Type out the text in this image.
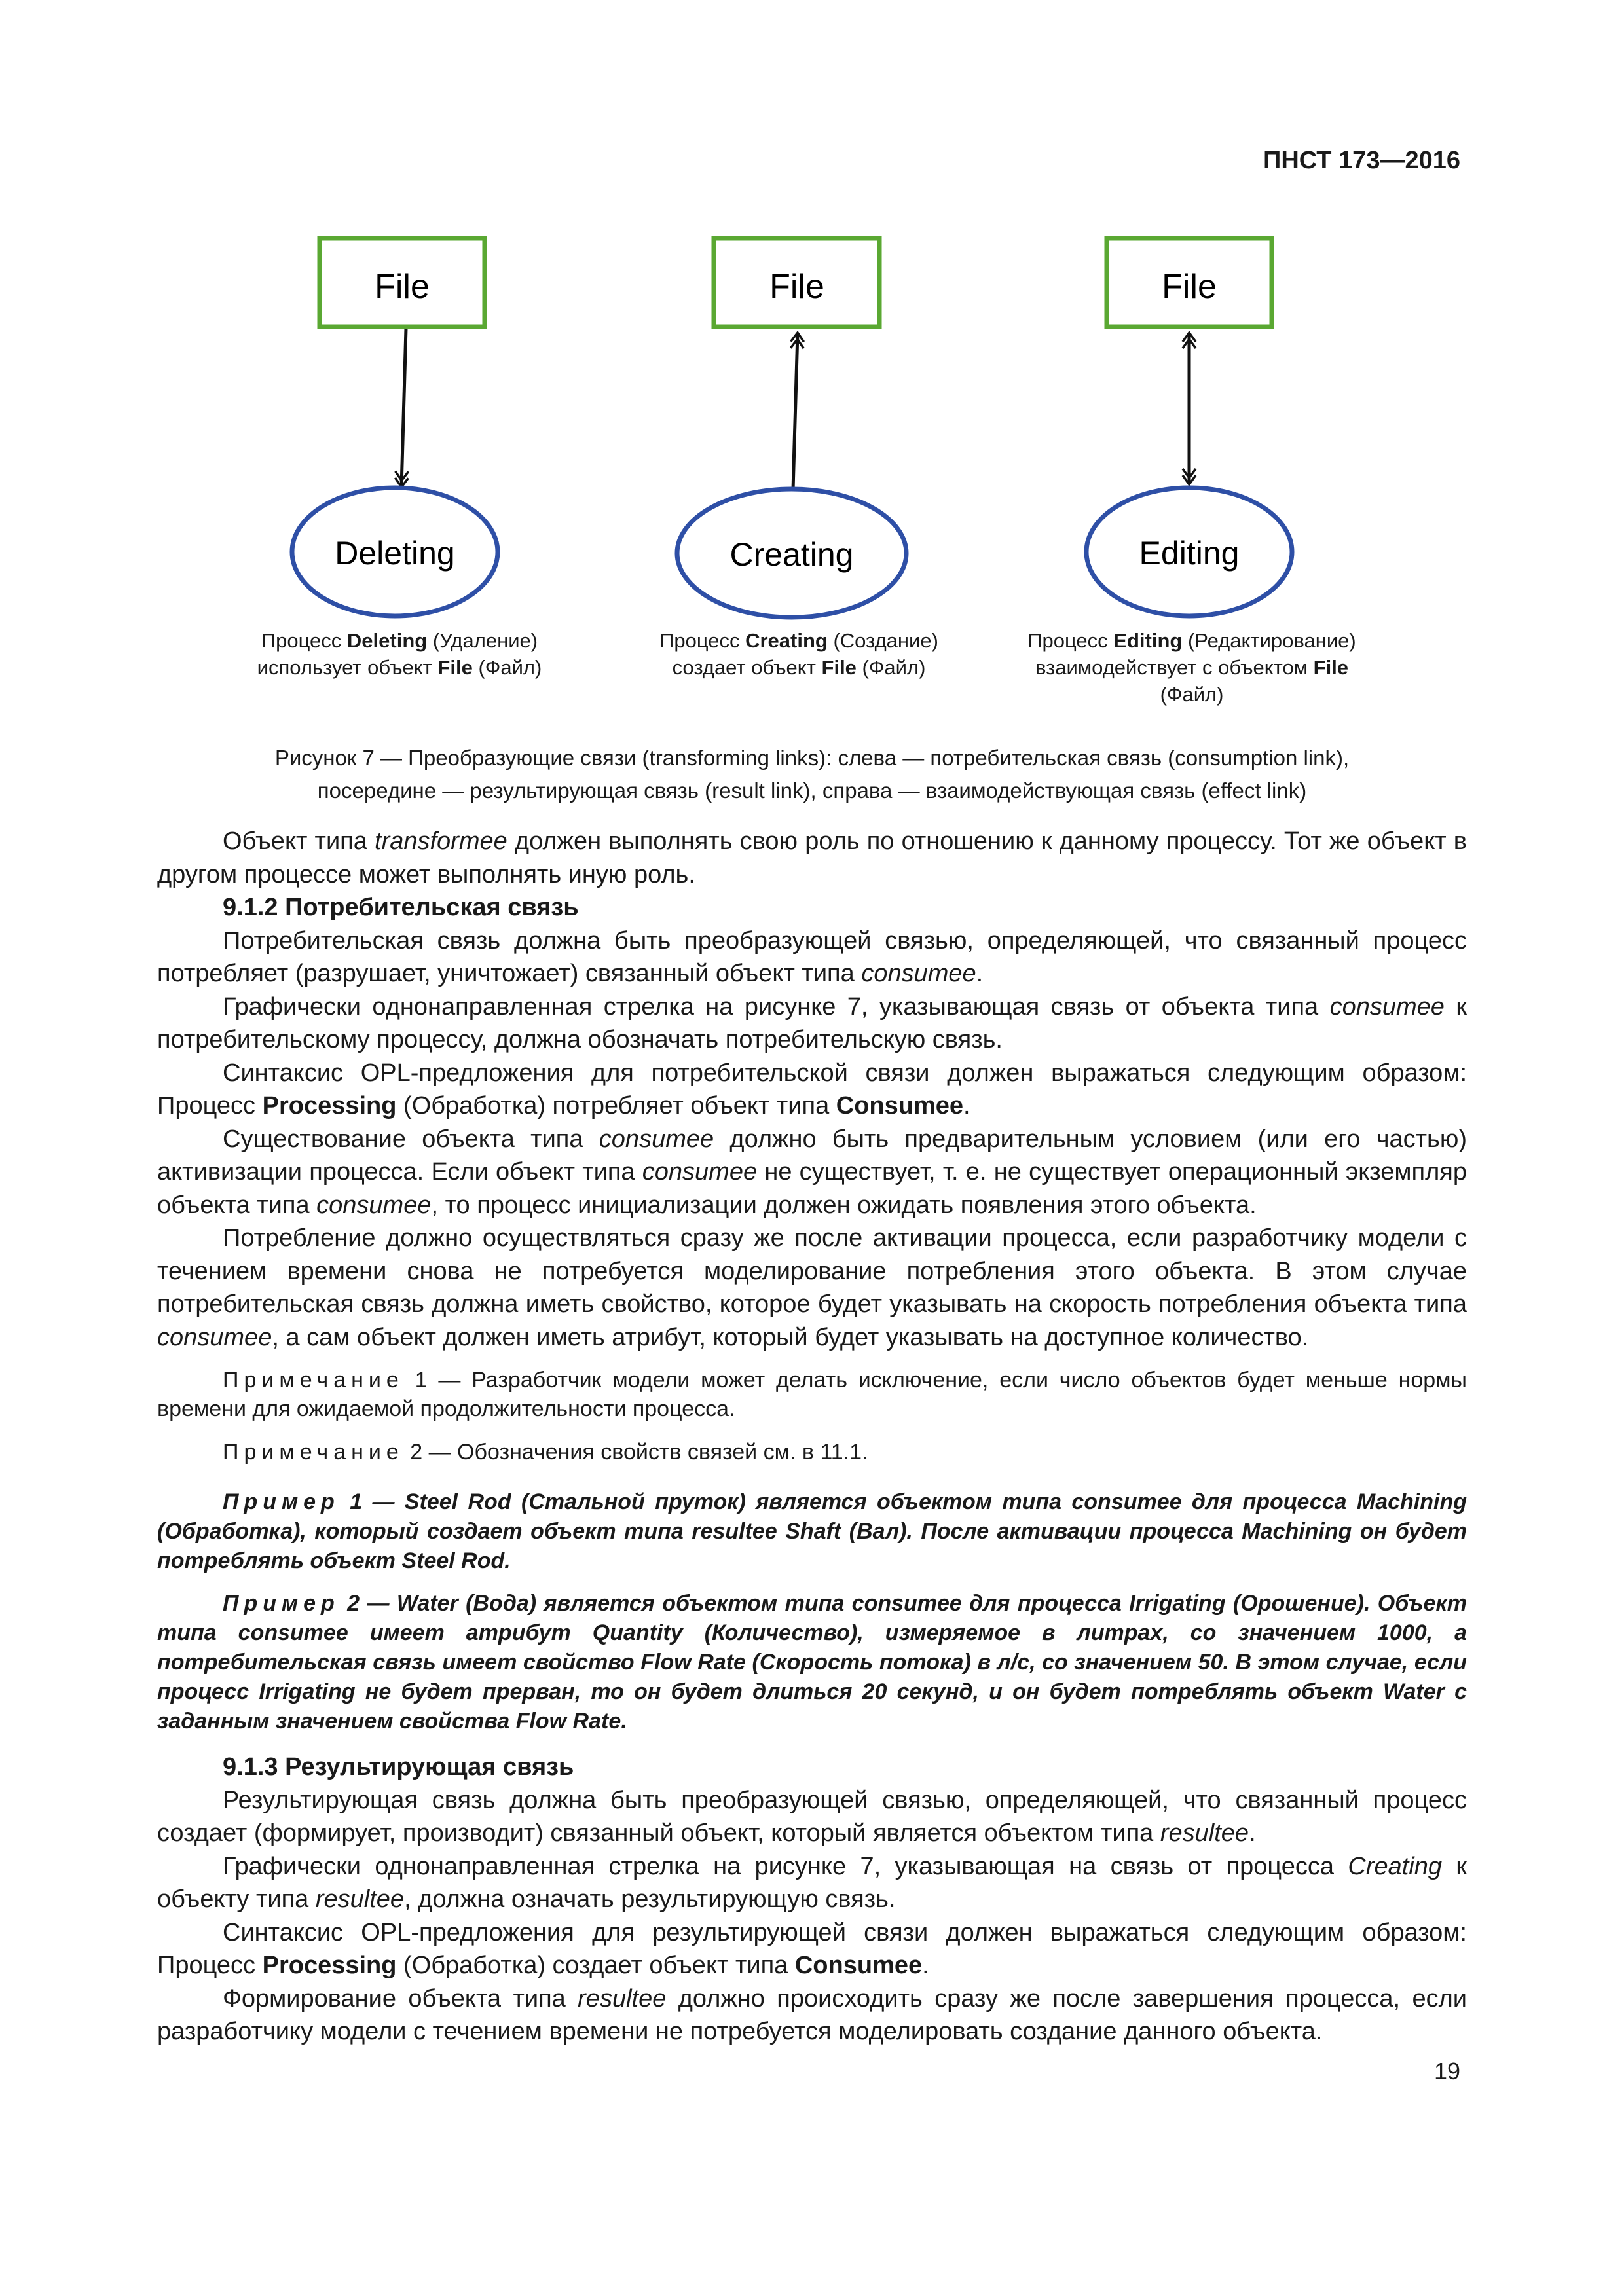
ПНСТ 173—2016
File
Deleting
File
Creating
File
Editing
Процесс Deleting (Удаление)
использует объект File (Файл)
Процесс Creating (Создание)
создает объект File (Файл)
Процесс Editing (Редактирование)
взаимодействует с объектом File
(Файл)
Рисунок 7 — Преобразующие связи (transforming links): слева — потребительская связь (consumption link),
посередине — результирующая связь (result link), справа — взаимодействующая связь (effect link)

Объект типа transformee должен выполнять свою роль по отношению к данному процессу. Тот же объект в другом процессе может выполнять иную роль.

9.1.2 Потребительская связь

Потребительская связь должна быть преобразующей связью, определяющей, что связанный процесс потребляет (разрушает, уничтожает) связанный объект типа consumee.

Графически однонаправленная стрелка на рисунке 7, указывающая связь от объекта типа consumee к потребительскому процессу, должна обозначать потребительскую связь.

Синтаксис OPL-предложения для потребительской связи должен выражаться следующим образом: Процесс Processing (Обработка) потребляет объект типа Consumee.

Существование объекта типа consumee должно быть предварительным условием (или его частью) активизации процесса. Если объект типа consumee не существует, т. е. не существует операционный экземпляр объекта типа consumee, то процесс инициализации должен ожидать появления этого объекта.

Потребление должно осуществляться сразу же после активации процесса, если разработчику модели с течением времени снова не потребуется моделирование потребления этого объекта. В этом случае потребительская связь должна иметь свойство, которое будет указывать на скорость потребления объекта типа consumee, а сам объект должен иметь атрибут, который будет указывать на доступное количество.

Примечание 1 — Разработчик модели может делать исключение, если число объектов будет меньше нормы времени для ожидаемой продолжительности процесса.

Примечание 2 — Обозначения свойств связей см. в 11.1.

Пример 1 — Steel Rod (Стальной пруток) является объектом типа consumee для процесса Machining (Обработка), который создает объект типа resultee Shaft (Вал). После активации процесса Machining он будет потреблять объект Steel Rod.

Пример 2 — Water (Вода) является объектом типа consumee для процесса Irrigating (Орошение). Объект типа consumee имеет атрибут Quantity (Количество), измеряемое в литрах, со значением 1000, а потребительская связь имеет свойство Flow Rate (Скорость потока) в л/с, со значением 50. В этом случае, если процесс Irrigating не будет прерван, то он будет длиться 20 секунд, и он будет потреблять объект Water с заданным значением свойства Flow Rate.

9.1.3 Результирующая связь

Результирующая связь должна быть преобразующей связью, определяющей, что связанный процесс создает (формирует, производит) связанный объект, который является объектом типа resultee.

Графически однонаправленная стрелка на рисунке 7, указывающая на связь от процесса Creating к объекту типа resultee, должна означать результирующую связь.

Синтаксис OPL-предложения для результирующей связи должен выражаться следующим образом: Процесс Processing (Обработка) создает объект типа Consumee.

Формирование объекта типа resultee должно происходить сразу же после завершения процесса, если разработчику модели с течением времени не потребуется моделировать создание данного объекта.

19
